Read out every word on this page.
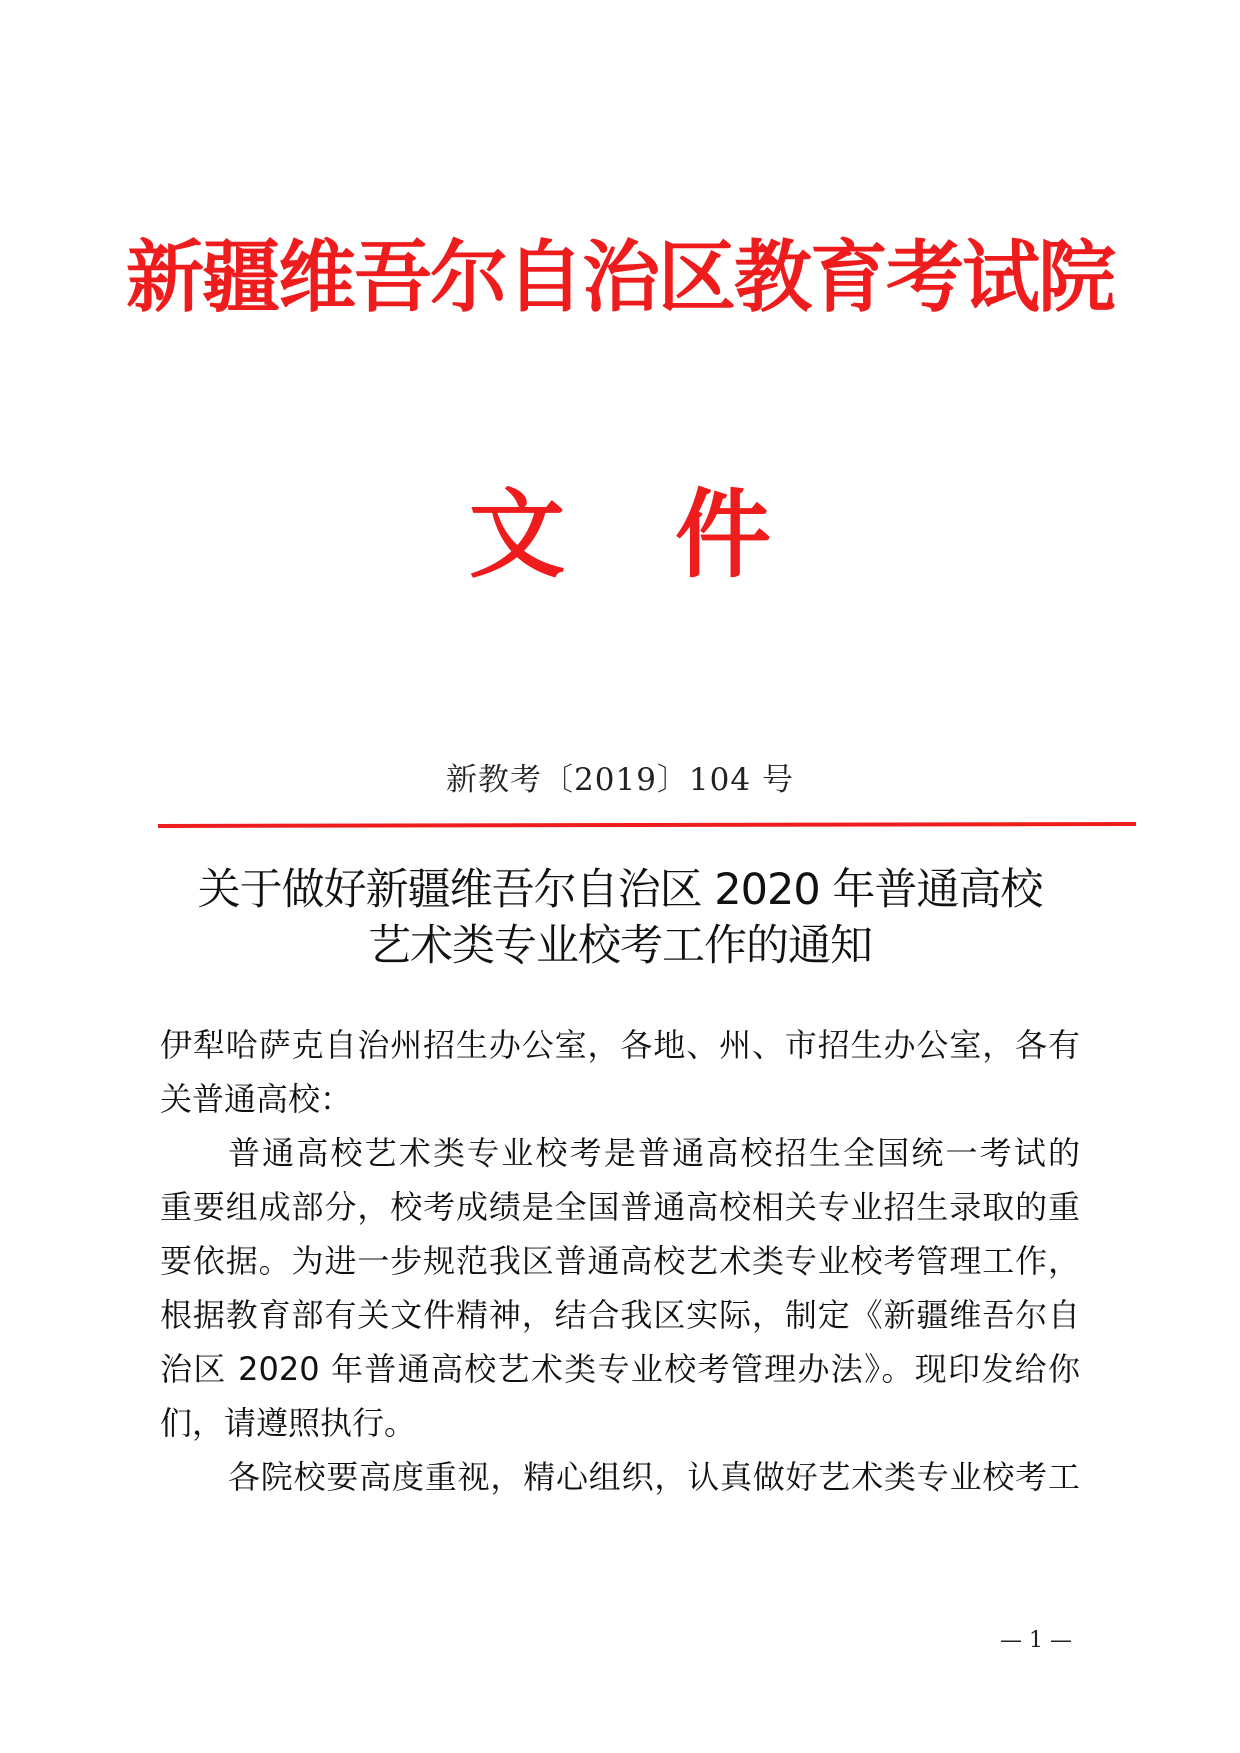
新疆维吾尔自治区教育考试院
文件
新教考〔2019〕104 号
关于做好新疆维吾尔自治区 2020 年普通高校
艺术类专业校考工作的通知
伊犁哈萨克自治州招生办公室，各地、州、市招生办公室，各有
关普通高校：
普通高校艺术类专业校考是普通高校招生全国统一考试的
重要组成部分，校考成绩是全国普通高校相关专业招生录取的重
要依据。为进一步规范我区普通高校艺术类专业校考管理工作，
根据教育部有关文件精神，结合我区实际，制定《新疆维吾尔自
治区 2020 年普通高校艺术类专业校考管理办法》。现印发给你
们，请遵照执行。
各院校要高度重视，精心组织，认真做好艺术类专业校考工
— 1 —
